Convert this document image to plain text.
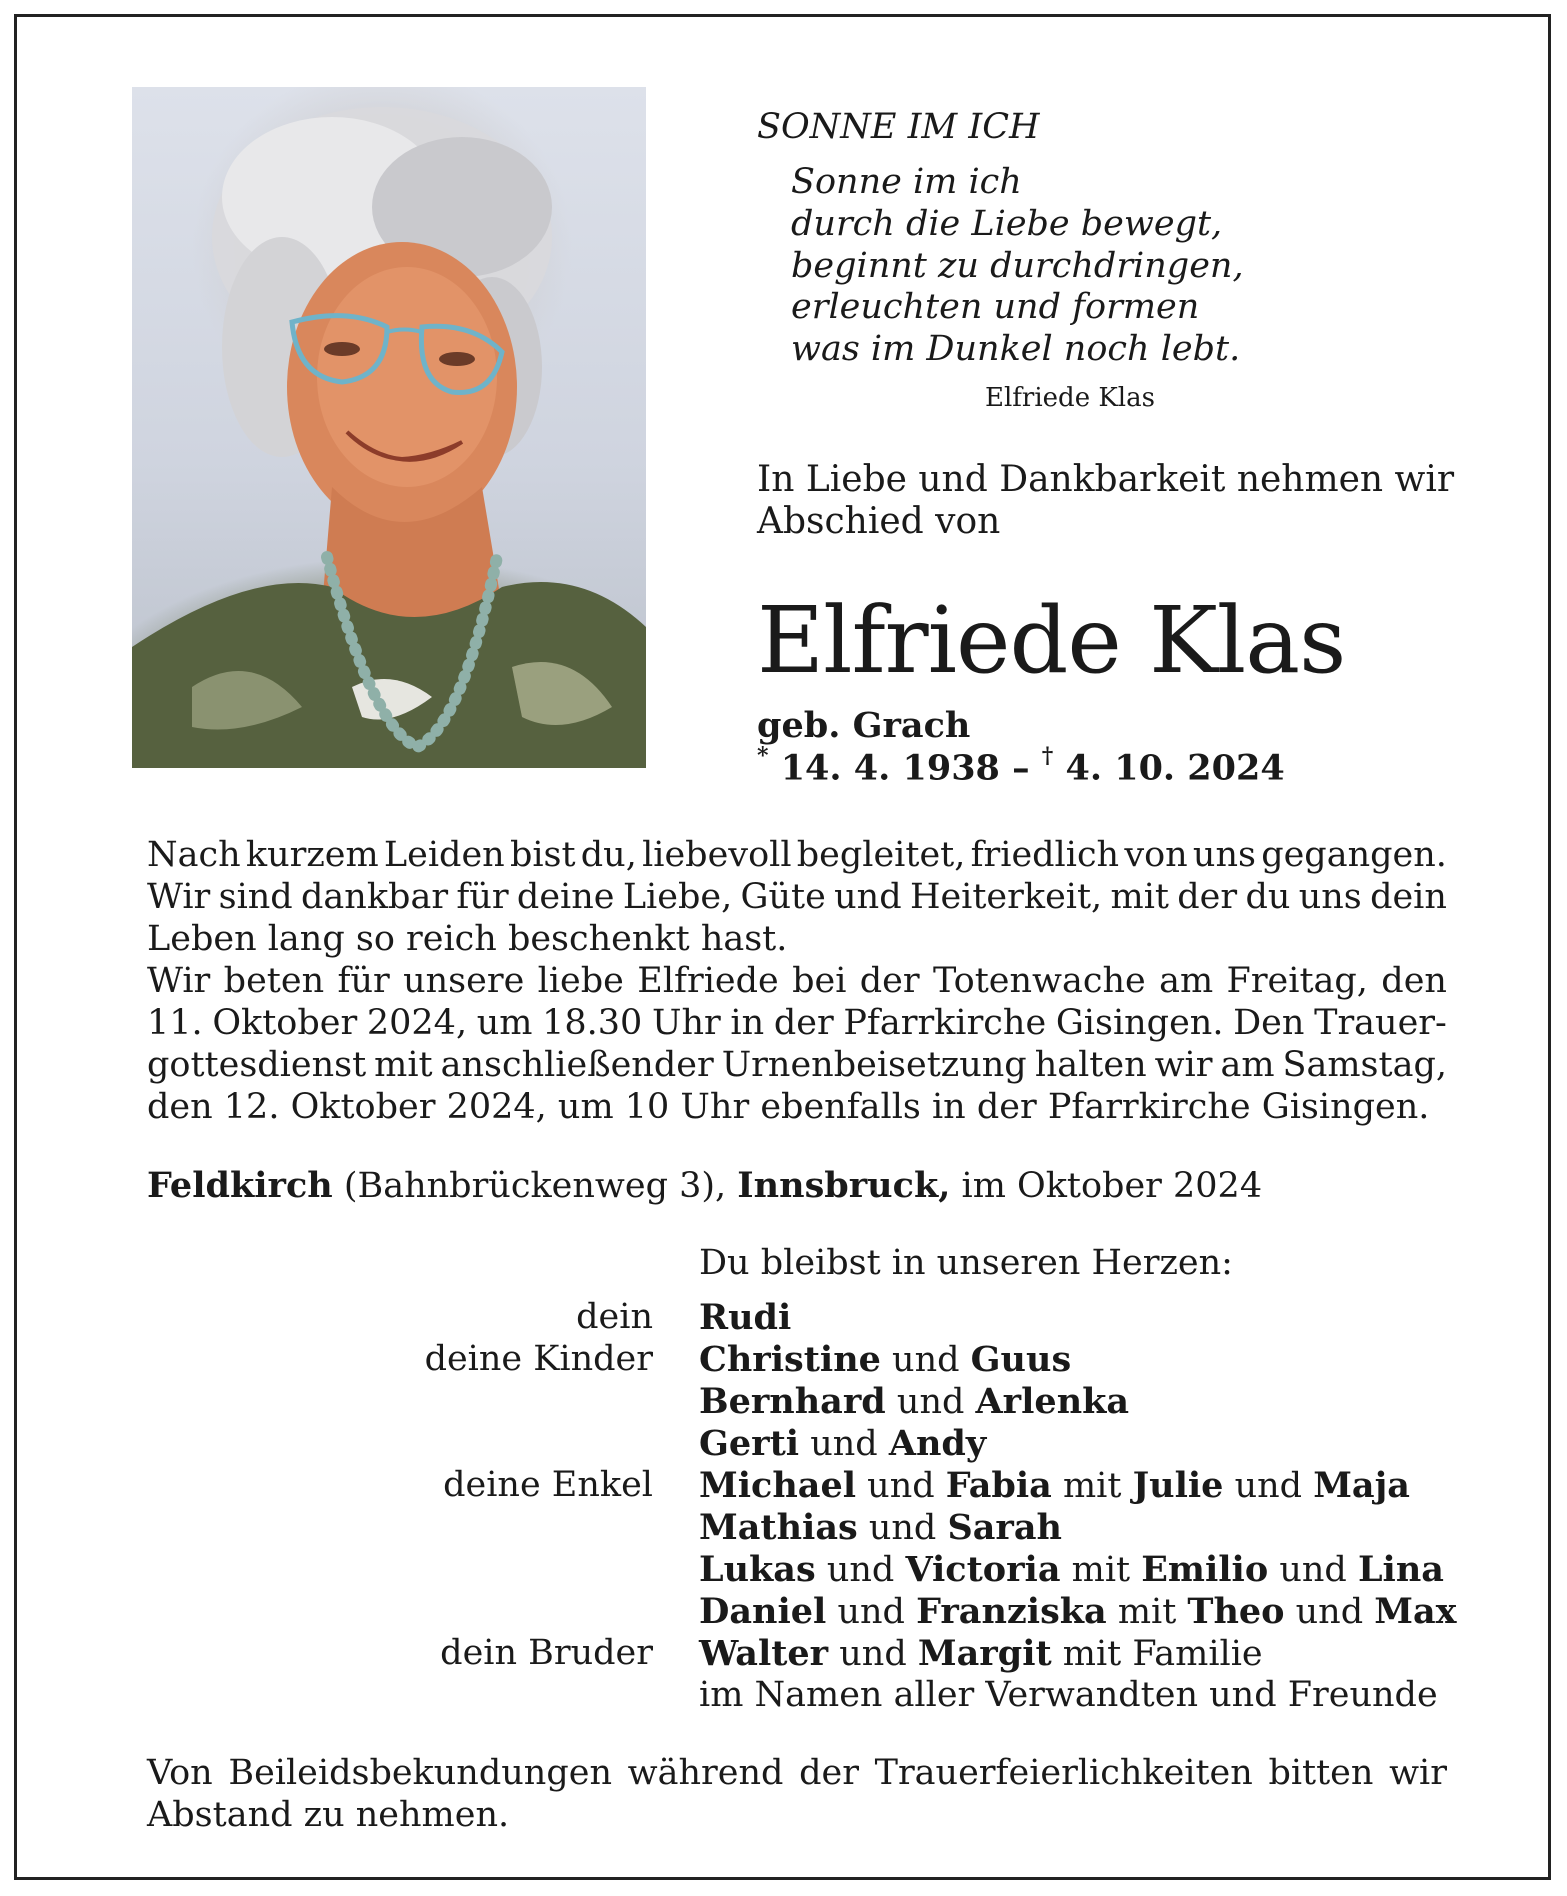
SONNE IM ICH
Sonne im ich
durch die Liebe bewegt,
beginnt zu durchdringen,
erleuchten und formen
was im Dunkel noch lebt.
Elfriede Klas
In Liebe und Dankbarkeit nehmen wir
Abschied von
Elfriede Klas
geb. Grach
* 14. 4. 1938 – † 4. 10. 2024
Nach kurzem Leiden bist du, liebevoll begleitet, friedlich von uns gegangen.
Wir sind dankbar für deine Liebe, Güte und Heiterkeit, mit der du uns dein
Leben lang so reich beschenkt hast.
Wir beten für unsere liebe Elfriede bei der Totenwache am Freitag, den
11. Oktober 2024, um 18.30 Uhr in der Pfarrkirche Gisingen. Den Trauer-
gottesdienst mit anschließender Urnenbeisetzung halten wir am Samstag,
den 12. Oktober 2024, um 10 Uhr ebenfalls in der Pfarrkirche Gisingen.
Feldkirch (Bahnbrückenweg 3), Innsbruck, im Oktober 2024
Du bleibst in unseren Herzen:
dein
deine Kinder
deine Enkel
dein Bruder
Rudi
Christine und Guus
Bernhard und Arlenka
Gerti und Andy
Michael und Fabia mit Julie und Maja
Mathias und Sarah
Lukas und Victoria mit Emilio und Lina
Daniel und Franziska mit Theo und Max
Walter und Margit mit Familie
im Namen aller Verwandten und Freunde
Von Beileidsbekundungen während der Trauerfeierlichkeiten bitten wir
Abstand zu nehmen.
